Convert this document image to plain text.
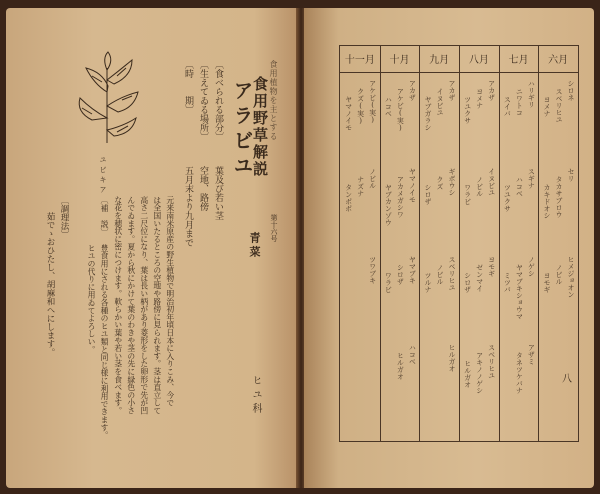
食用植物を主とする
食用野草解説
第十六号
アラビユ
青菜
ヒユ科
〔食べられる部分〕
葉及び若い茎
〔生えてゐる場所〕
空地、路傍
〔時　　期〕
五月末より九月まで
ユビキア
元来南米原産の野生植物で明治初年頃日本に入りこみ、今で
は全国いたるところの空地や路傍に見られます。茎は直立して
高さ二尺位になり、葉は長い柄があり菱形をした卵形で先が凹
んでゐます。夏から秋にかけて葉のわきや茎の先に緑色の小さ
な花を穂状に密につけます。軟らかい葉や若い茎を食べます。
〔補　説〕
豊食用にされる各種のヒユ類と同じ様に利用できます。
ヒユの代りに用ゐてよろしい。
〔調理法〕
茹でゝおひたし、胡麻和へにします。
八
六月
シロネ
スベリヒユ
ヨメナ
セリ
タカサブロウ
カキドオシ
ヒメジョオン
ノビル
ヨモギ
七月
ハリギリ
ニワトコ
スイバ
スギナ
ハコベ
ツユクサ
ノゲシ
ヤマブキショウマ
ミツバ
アザミ
タネツケバナ
八月
アカザ
ヨメナ
ツユクサ
イヌビユ
ノビル
ワラビ
ヨモギ
ゼンマイ
シロザ
スベリヒユ
アキノノゲシ
ヒルガオ
九月
アカザ
イヌビユ
ヤブガラシ
ギボウシ
クズ
シロザ
スベリヒユ
ノビル
ツルナ
ヒルガオ
十月
アカザ
アケビ(実)
ハコベ
ヤマノイモ
アカメガシワ
ヤブカンゾウ
ヤマブキ
シロザ
ワラビ
ハコベ
ヒルガオ
十一月
アケビ(実)
クズ(実)
ヤマノイモ
ノビル
ナズナ
タンポポ
ツワブキ
